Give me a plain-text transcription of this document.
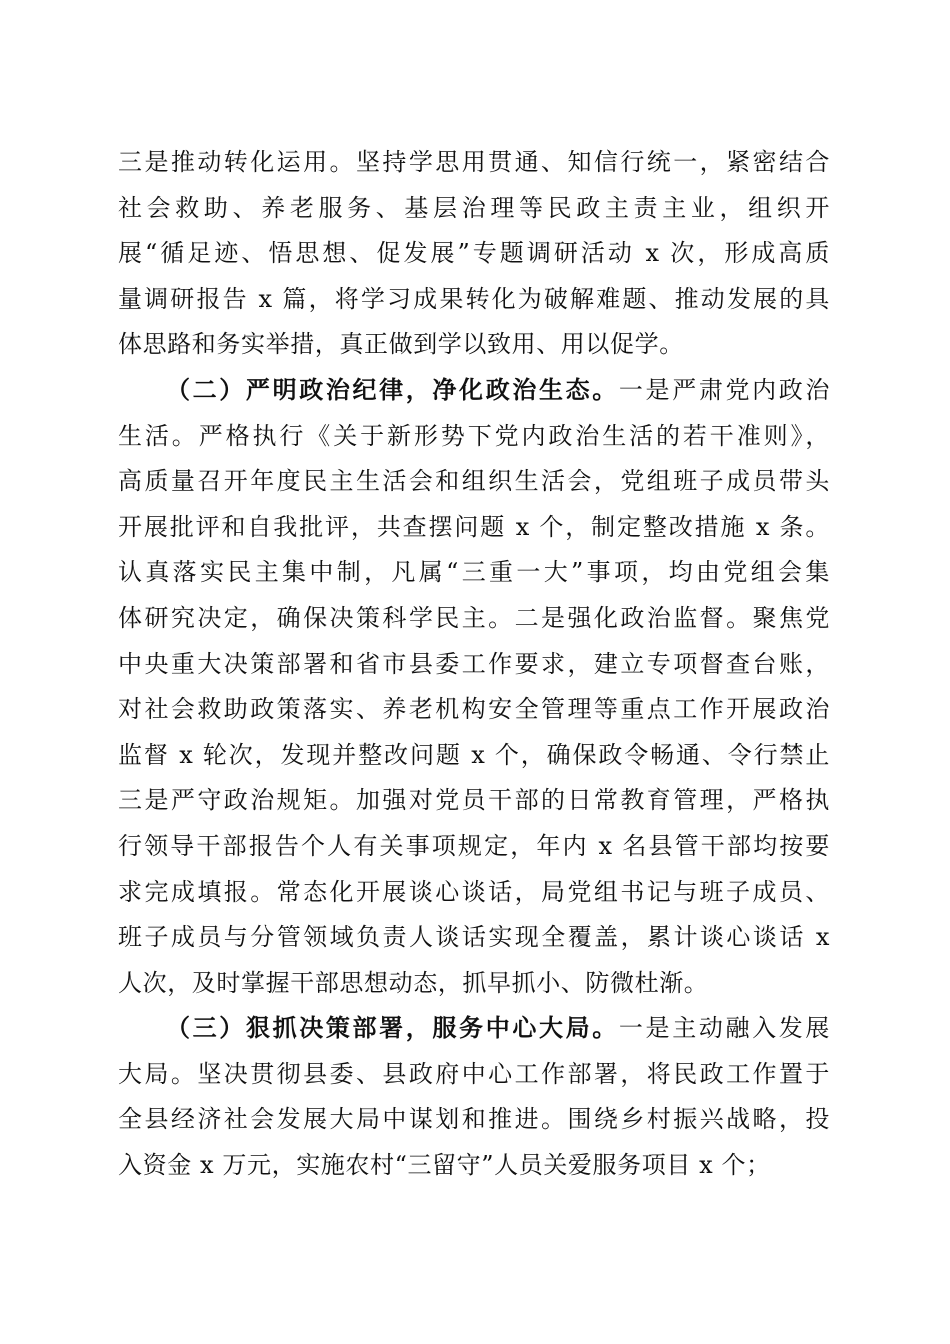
三是推动转化运用。坚持学思用贯通、知信行统一，紧密结合
社会救助、养老服务、基层治理等民政主责主业，组织开
展“循足迹、悟思想、促发展”专题调研活动 x 次，形成高质
量调研报告 x 篇，将学习成果转化为破解难题、推动发展的具
体思路和务实举措，真正做到学以致用、用以促学。
（二）严明政治纪律，净化政治生态。一是严肃党内政治
生活。严格执行《关于新形势下党内政治生活的若干准则》，
高质量召开年度民主生活会和组织生活会，党组班子成员带头
开展批评和自我批评，共查摆问题 x 个，制定整改措施 x 条。
认真落实民主集中制，凡属“三重一大”事项，均由党组会集
体研究决定，确保决策科学民主。二是强化政治监督。聚焦党
中央重大决策部署和省市县委工作要求，建立专项督查台账，
对社会救助政策落实、养老机构安全管理等重点工作开展政治
监督 x 轮次，发现并整改问题 x 个，确保政令畅通、令行禁止
三是严守政治规矩。加强对党员干部的日常教育管理，严格执
行领导干部报告个人有关事项规定，年内 x 名县管干部均按要
求完成填报。常态化开展谈心谈话，局党组书记与班子成员、
班子成员与分管领域负责人谈话实现全覆盖，累计谈心谈话 x
人次，及时掌握干部思想动态，抓早抓小、防微杜渐。
（三）狠抓决策部署，服务中心大局。一是主动融入发展
大局。坚决贯彻县委、县政府中心工作部署，将民政工作置于
全县经济社会发展大局中谋划和推进。围绕乡村振兴战略，投
入资金 x 万元，实施农村“三留守”人员关爱服务项目 x 个；
